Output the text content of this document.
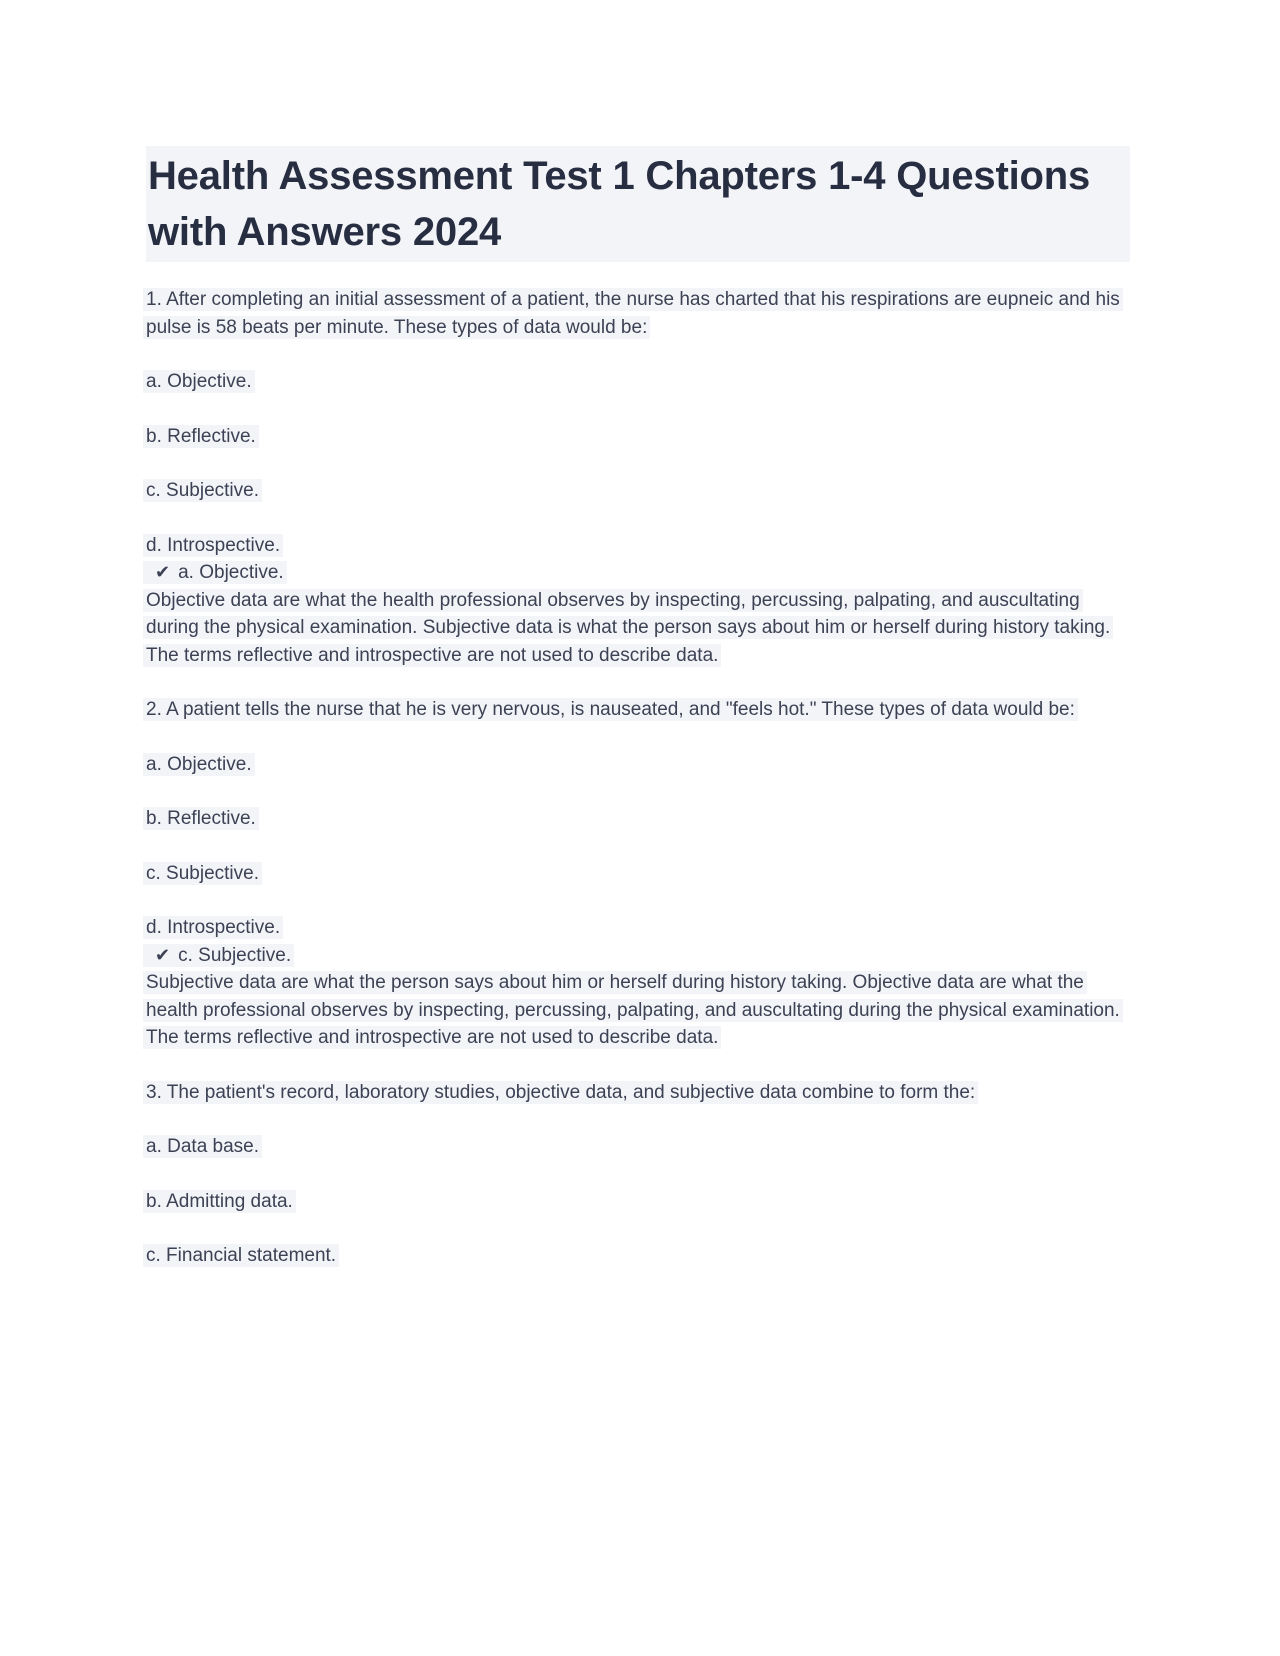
Health Assessment Test 1 Chapters 1-4 Questions with Answers 2024

1. After completing an initial assessment of a patient, the nurse has charted that his respirations are eupneic and his pulse is 58 beats per minute. These types of data would be:

a. Objective.

b. Reflective.

c. Subjective.

d. Introspective.

✔ a. Objective.

Objective data are what the health professional observes by inspecting, percussing, palpating, and auscultating during the physical examination. Subjective data is what the person says about him or herself during history taking. The terms reflective and introspective are not used to describe data.

2. A patient tells the nurse that he is very nervous, is nauseated, and "feels hot." These types of data would be:

a. Objective.

b. Reflective.

c. Subjective.

d. Introspective.

✔ c. Subjective.

Subjective data are what the person says about him or herself during history taking. Objective data are what the health professional observes by inspecting, percussing, palpating, and auscultating during the physical examination. The terms reflective and introspective are not used to describe data.

3. The patient's record, laboratory studies, objective data, and subjective data combine to form the:

a. Data base.

b. Admitting data.

c. Financial statement.
